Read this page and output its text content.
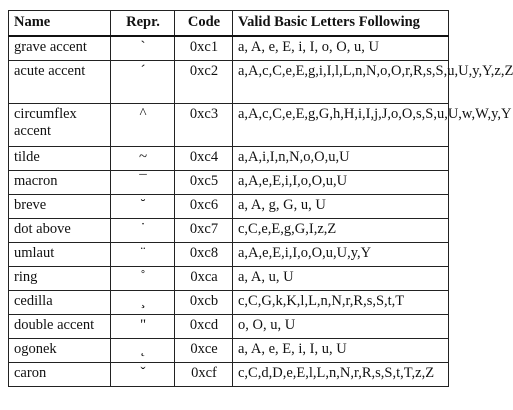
Name	Repr.	Code	Valid Basic Letters Following
grave accent	`	0xc1	a, A, e, E, i, I, o, O, u, U
acute accent	´	0xc2	a,A,c,C,e,E,g,i,I,l,L,n,N,o,O,r,R,s,S,u,U,y,Y,z,Z
circumflex accent	^	0xc3	a,A,c,C,e,E,g,G,h,H,i,I,j,J,o,O,s,S,u,U,w,W,y,Y
tilde	~	0xc4	a,A,i,I,n,N,o,O,u,U
macron	¯	0xc5	a,A,e,E,i,I,o,O,u,U
breve	˘	0xc6	a, A, g, G, u, U
dot above	˙	0xc7	c,C,e,E,g,G,I,z,Z
umlaut	¨	0xc8	a,A,e,E,i,I,o,O,u,U,y,Y
ring	˚	0xca	a, A, u, U
cedilla	¸	0xcb	c,C,G,k,K,l,L,n,N,r,R,s,S,t,T
double accent	"	0xcd	o, O, u, U
ogonek	˛	0xce	a, A, e, E, i, I, u, U
caron	ˇ	0xcf	c,C,d,D,e,E,l,L,n,N,r,R,s,S,t,T,z,Z
